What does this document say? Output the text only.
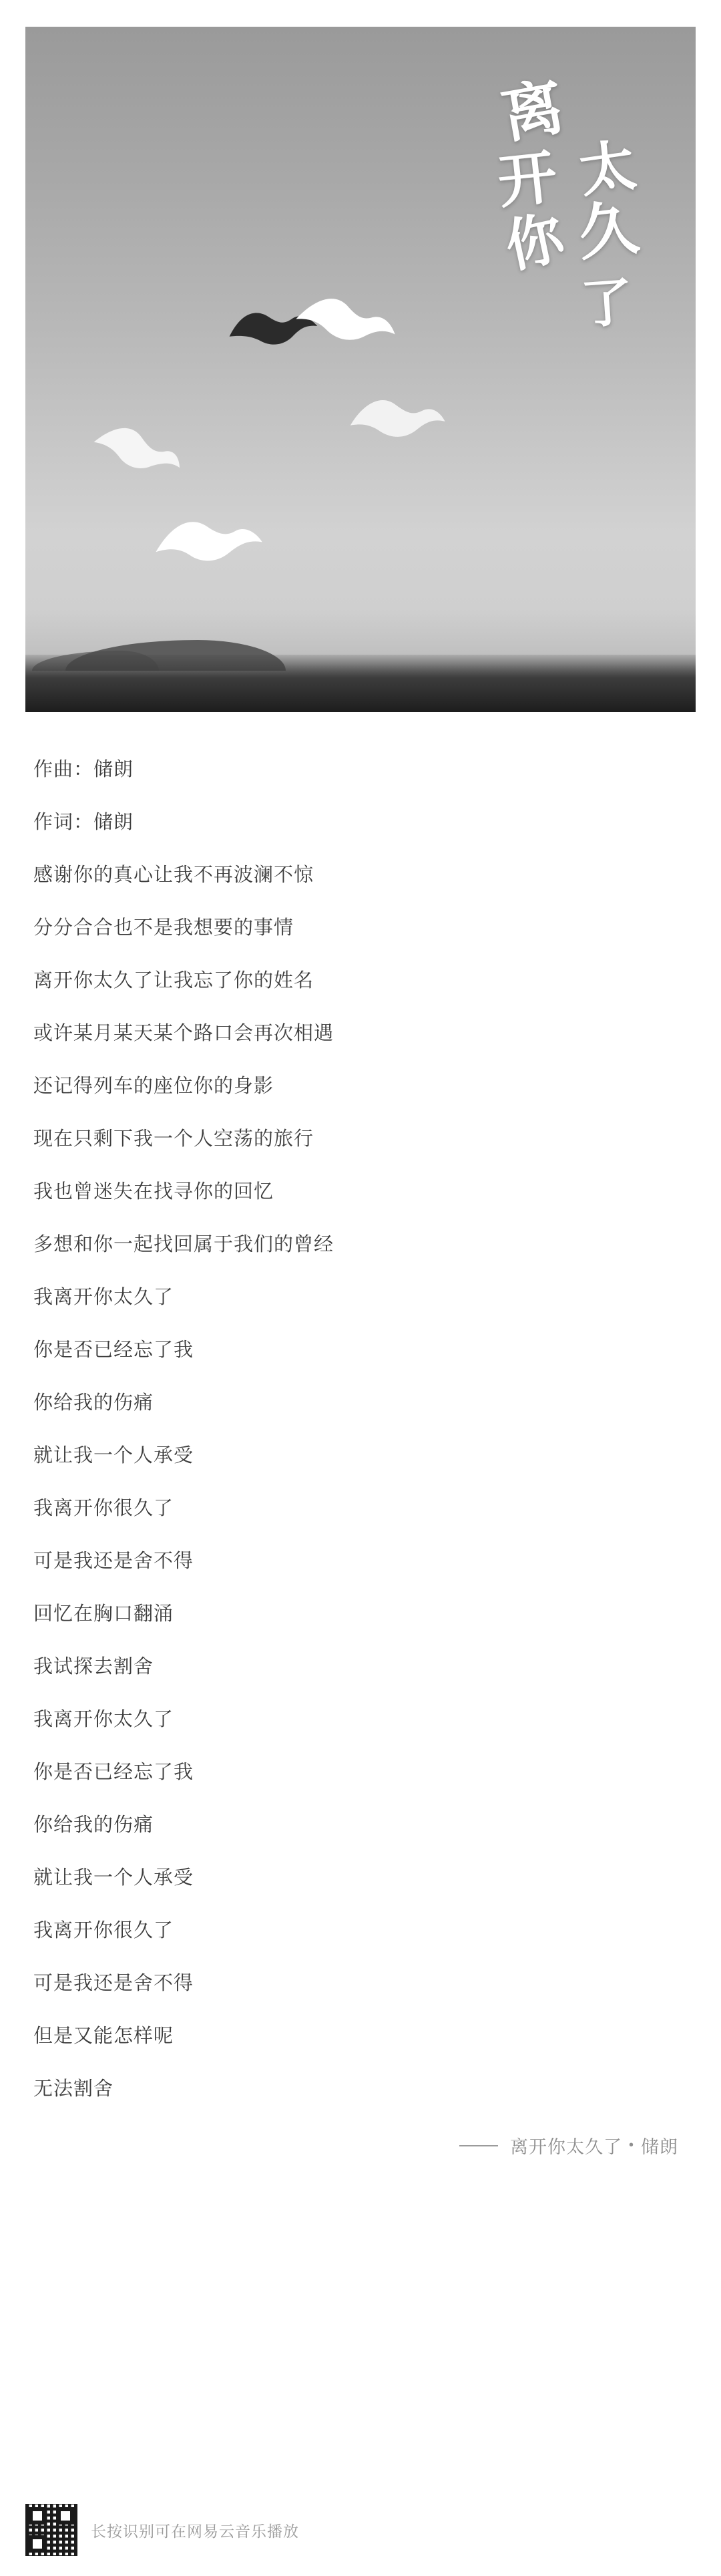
离
开
你
太
久
了
作曲：储朗
作词：储朗
感谢你的真心让我不再波澜不惊
分分合合也不是我想要的事情
离开你太久了让我忘了你的姓名
或许某月某天某个路口会再次相遇
还记得列车的座位你的身影
现在只剩下我一个人空荡的旅行
我也曾迷失在找寻你的回忆
多想和你一起找回属于我们的曾经
我离开你太久了
你是否已经忘了我
你给我的伤痛
就让我一个人承受
我离开你很久了
可是我还是舍不得
回忆在胸口翻涌
我试探去割舍
我离开你太久了
你是否已经忘了我
你给我的伤痛
就让我一个人承受
我离开你很久了
可是我还是舍不得
但是又能怎样呢
无法割舍
离开你太久了 • 储朗
长按识别可在网易云音乐播放
